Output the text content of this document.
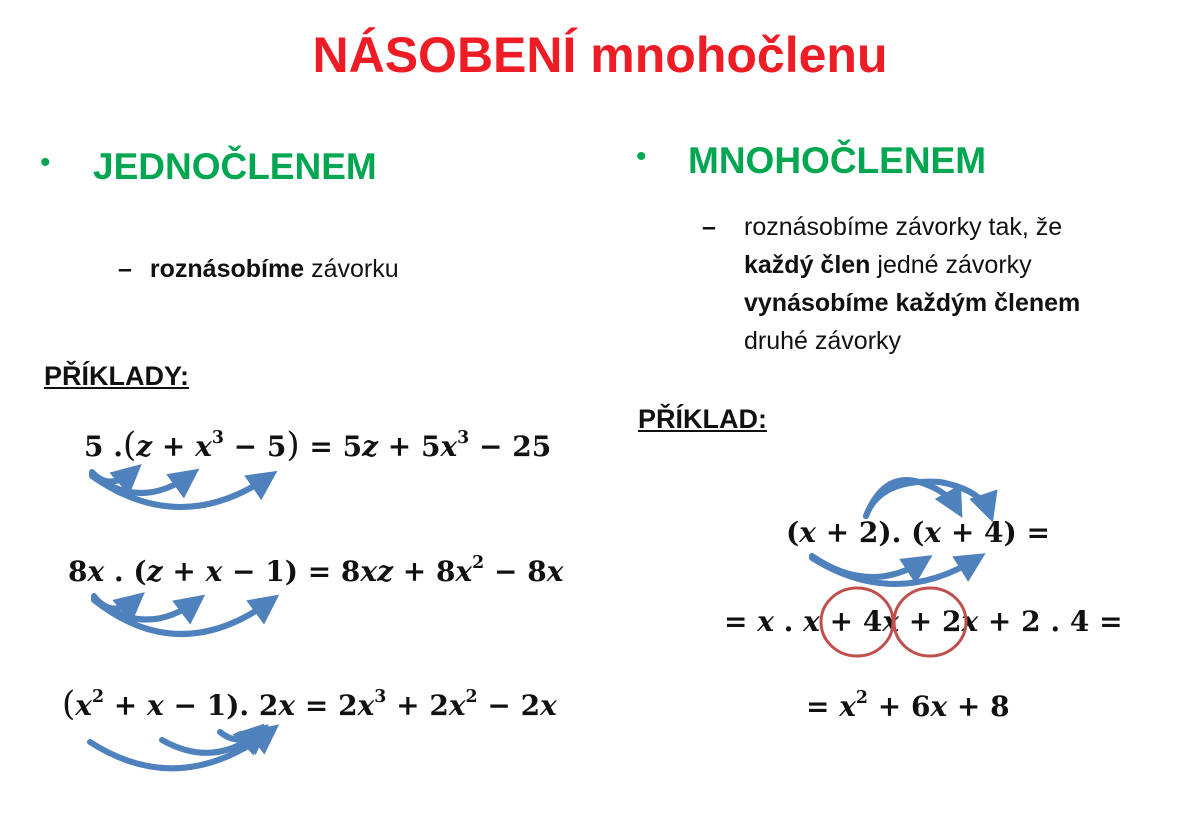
NÁSOBENÍ mnohočlenu
• JEDNOČLENEM
– roznásobíme závorku
PŘÍKLADY:
5 $.(z + x^3 - 5) = 5z + 5x^3 - 25$
8x . $(z + x - 1) = 8xz + 8x^2 - 8x$
$(x^2 + x - 1)$. $2x = 2x^3 + 2x^2 - 2x$
• MNOHOČLENEM
–	roznásobíme závorky tak, že
každý člen jedné závorky
vynásobíme každým členem
druhé závorky
PŘÍKLAD:
(x + 2). (x + 4) =
= x . x + 4x + 2x + 2 . 4 =
= $x^2 + 6x + 8$
